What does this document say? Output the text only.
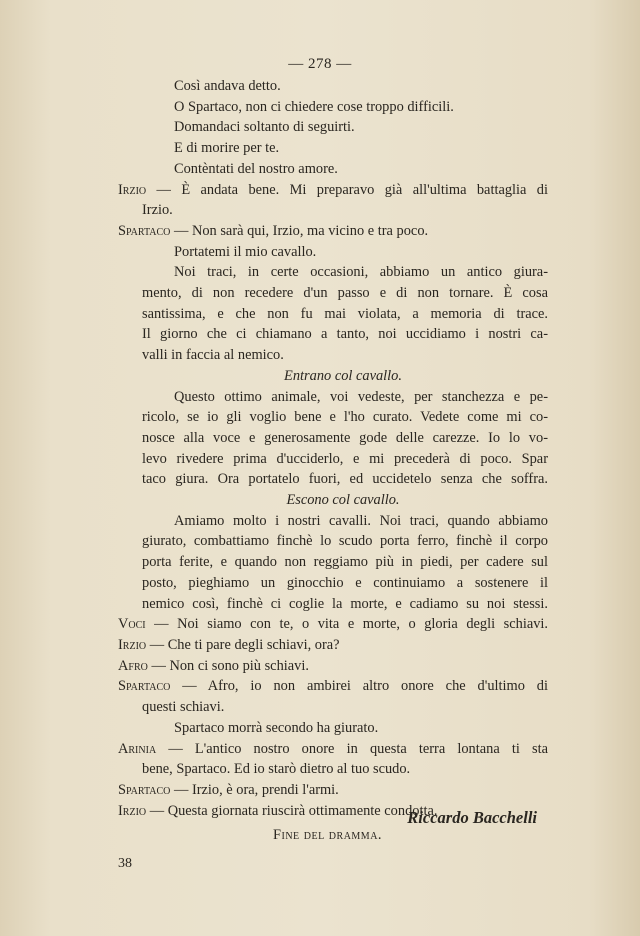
— 278 —
Così andava detto.
O Spartaco, non ci chiedere cose troppo difficili.
Domandaci soltanto di seguirti.
E di morire per te.
Contèntati del nostro amore.
Irzio — È andata bene. Mi preparavo già all'ultima battaglia di
Irzio.
Spartaco — Non sarà qui, Irzio, ma vicino e tra poco.
Portatemi il mio cavallo.
Noi traci, in certe occasioni, abbiamo un antico giura-
mento, di non recedere d'un passo e di non tornare. È cosa
santissima, e che non fu mai violata, a memoria di trace.
Il giorno che ci chiamano a tanto, noi uccidiamo i nostri ca-
valli in faccia al nemico.
Entrano col cavallo.
Questo ottimo animale, voi vedeste, per stanchezza e pe-
ricolo, se io gli voglio bene e l'ho curato. Vedete come mi co-
nosce alla voce e generosamente gode delle carezze. Io lo vo-
levo rivedere prima d'ucciderlo, e mi precederà di poco. Spar
taco giura. Ora portatelo fuori, ed uccidetelo senza che soffra.
Escono col cavallo.
Amiamo molto i nostri cavalli. Noi traci, quando abbiamo
giurato, combattiamo finchè lo scudo porta ferro, finchè il corpo
porta ferite, e quando non reggiamo più in piedi, per cadere sul
posto, pieghiamo un ginocchio e continuiamo a sostenere il
nemico così, finchè ci coglie la morte, e cadiamo su noi stessi.
Voci — Noi siamo con te, o vita e morte, o gloria degli schiavi.
Irzio — Che ti pare degli schiavi, ora?
Afro — Non ci sono più schiavi.
Spartaco — Afro, io non ambirei altro onore che d'ultimo di
questi schiavi.
Spartaco morrà secondo ha giurato.
Arinia — L'antico nostro onore in questa terra lontana ti sta
bene, Spartaco. Ed io starò dietro al tuo scudo.
Spartaco — Irzio, è ora, prendi l'armi.
Irzio — Questa giornata riuscirà ottimamente condotta.
Fine del dramma.
Riccardo Bacchelli
38
